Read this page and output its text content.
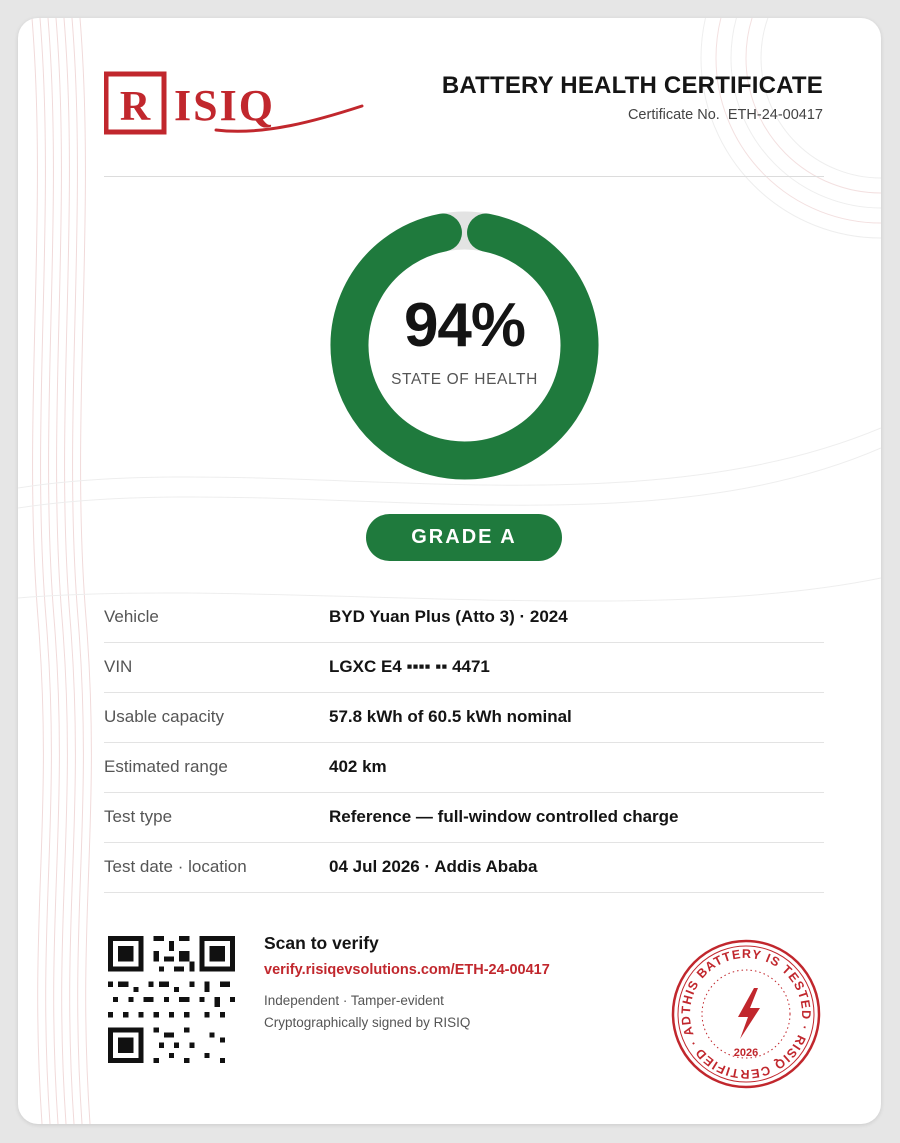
R ISIQ	BATTERY HEALTH CERTIFICATE
Certificate No. ETH-24-00417
94%
STATE OF HEALTH
GRADE A
Vehicle	BYD Yuan Plus (Atto 3) · 2024
VIN	LGXC E4 ▪▪▪▪ ▪▪ 4471
Usable capacity	57.8 kWh of 60.5 kWh nominal
Estimated range	402 km
Test type	Reference — full-window controlled charge
Test date · location	04 Jul 2026 · Addis Ababa
Scan to verify
verify.risiqevsolutions.com/ETH-24-00417
Independent · Tamper-evident
Cryptographically signed by RISIQ
THIS BATTERY IS TESTED · RISIQ CERTIFIED · AD
2026
